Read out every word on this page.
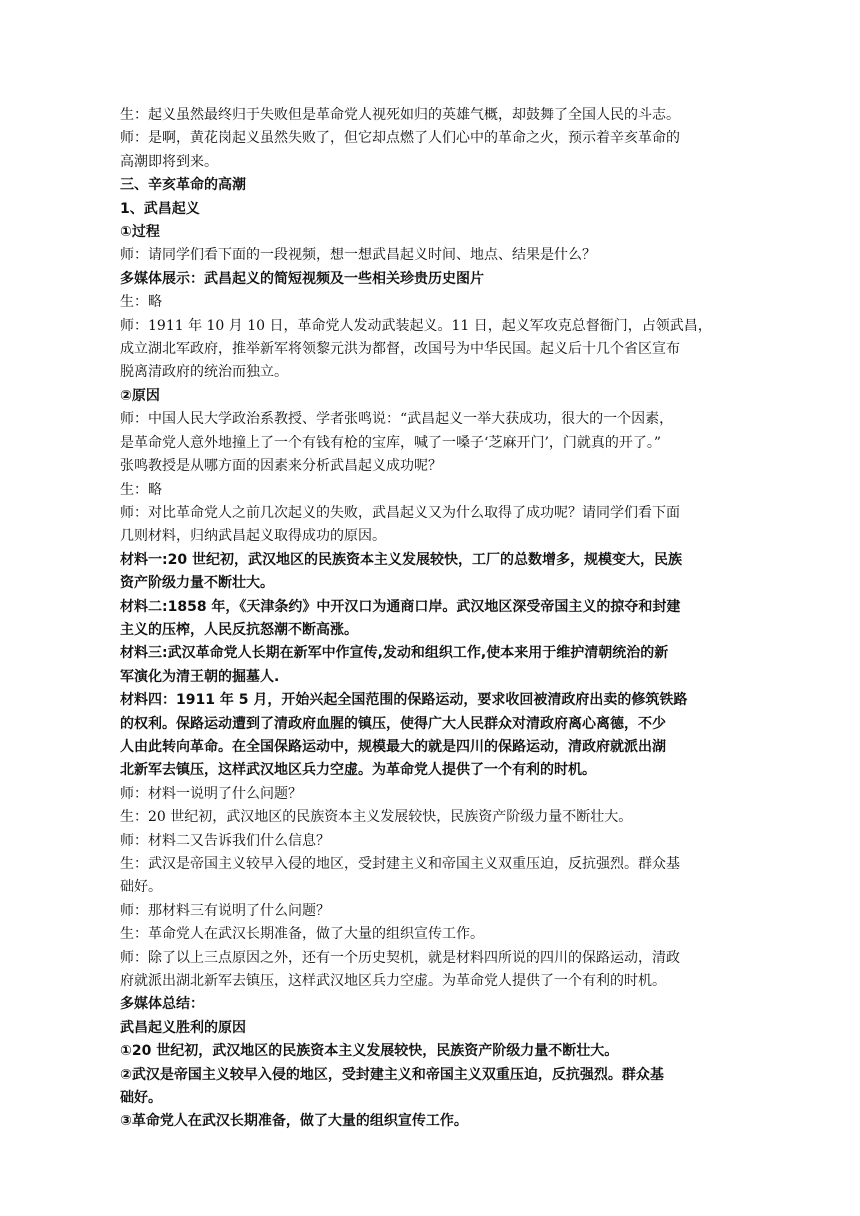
生：起义虽然最终归于失败但是革命党人视死如归的英雄气概，却鼓舞了全国人民的斗志。

师：是啊，黄花岗起义虽然失败了，但它却点燃了人们心中的革命之火，预示着辛亥革命的

高潮即将到来。

三、辛亥革命的高潮

1、武昌起义

①过程

师：请同学们看下面的一段视频，想一想武昌起义时间、地点、结果是什么？

多媒体展示：武昌起义的简短视频及一些相关珍贵历史图片

生：略

师：1911 年 10 月 10 日，革命党人发动武装起义。11 日，起义军攻克总督衙门，占领武昌，

成立湖北军政府，推举新军将领黎元洪为都督，改国号为中华民国。起义后十几个省区宣布

脱离清政府的统治而独立。

②原因

师：中国人民大学政治系教授、学者张鸣说：“武昌起义一举大获成功，很大的一个因素，

是革命党人意外地撞上了一个有钱有枪的宝库，喊了一嗓子‘芝麻开门’，门就真的开了。”

张鸣教授是从哪方面的因素来分析武昌起义成功呢？

生：略

师：对比革命党人之前几次起义的失败，武昌起义又为什么取得了成功呢？请同学们看下面

几则材料，归纳武昌起义取得成功的原因。

材料一:20 世纪初，武汉地区的民族资本主义发展较快，工厂的总数增多，规模变大，民族

资产阶级力量不断壮大。

材料二:1858 年，《天津条约》中开汉口为通商口岸。武汉地区深受帝国主义的掠夺和封建

主义的压榨，人民反抗怒潮不断高涨。

材料三:武汉革命党人长期在新军中作宣传,发动和组织工作,使本来用于维护清朝统治的新

军演化为清王朝的掘墓人.

材料四：1911 年 5 月，开始兴起全国范围的保路运动，要求收回被清政府出卖的修筑铁路

的权利。保路运动遭到了清政府血腥的镇压，使得广大人民群众对清政府离心离德，不少

人由此转向革命。在全国保路运动中，规模最大的就是四川的保路运动，清政府就派出湖

北新军去镇压，这样武汉地区兵力空虚。为革命党人提供了一个有利的时机。

师：材料一说明了什么问题？

生：20 世纪初，武汉地区的民族资本主义发展较快，民族资产阶级力量不断壮大。

师：材料二又告诉我们什么信息？

生：武汉是帝国主义较早入侵的地区，受封建主义和帝国主义双重压迫，反抗强烈。群众基

础好。

师：那材料三有说明了什么问题？

生：革命党人在武汉长期准备，做了大量的组织宣传工作。

师：除了以上三点原因之外，还有一个历史契机，就是材料四所说的四川的保路运动，清政

府就派出湖北新军去镇压，这样武汉地区兵力空虚。为革命党人提供了一个有利的时机。

多媒体总结：

武昌起义胜利的原因

①20 世纪初，武汉地区的民族资本主义发展较快，民族资产阶级力量不断壮大。

②武汉是帝国主义较早入侵的地区，受封建主义和帝国主义双重压迫，反抗强烈。群众基

础好。

③革命党人在武汉长期准备，做了大量的组织宣传工作。
